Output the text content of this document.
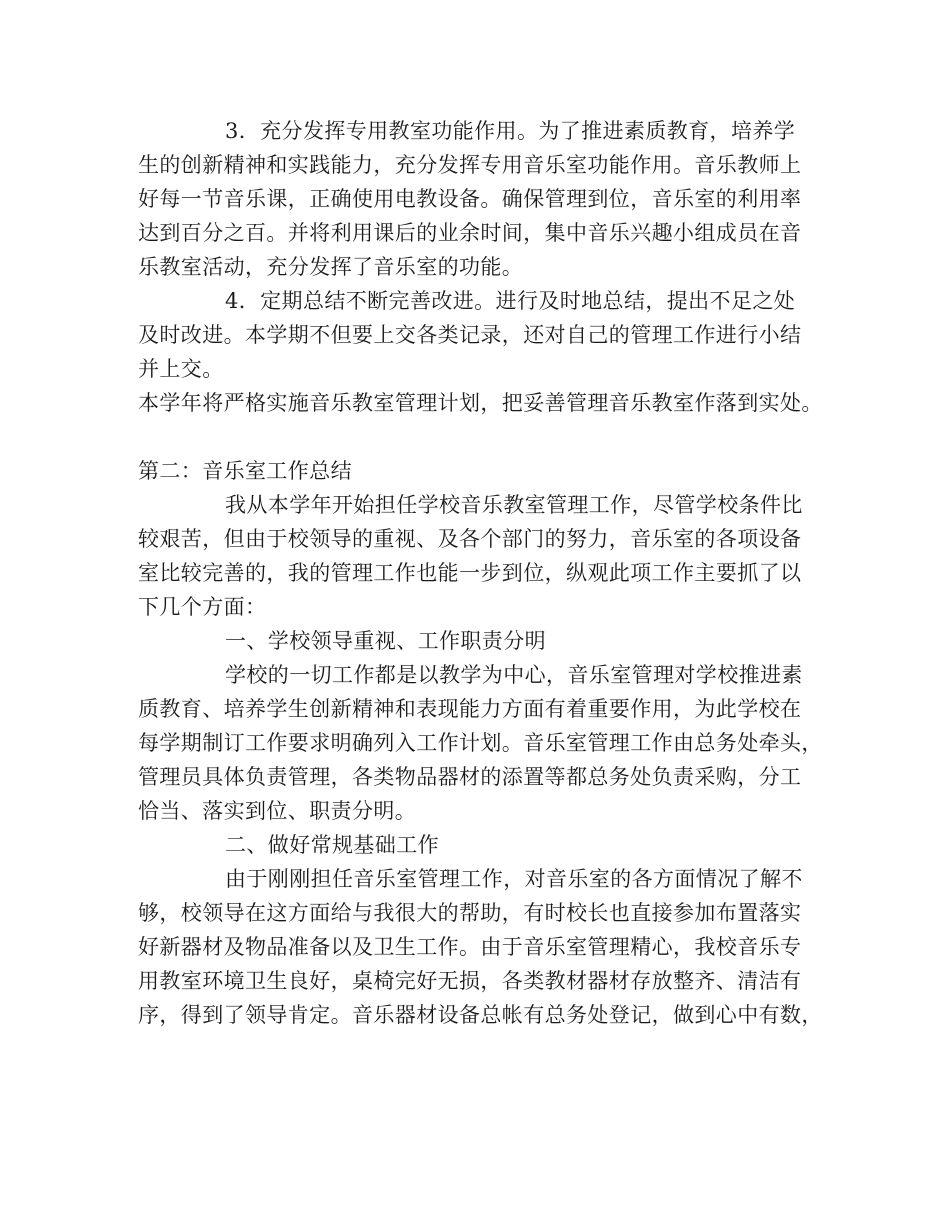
3．充分发挥专用教室功能作用。为了推进素质教育，培养学
生的创新精神和实践能力，充分发挥专用音乐室功能作用。音乐教师上
好每一节音乐课，正确使用电教设备。确保管理到位，音乐室的利用率
达到百分之百。并将利用课后的业余时间，集中音乐兴趣小组成员在音
乐教室活动，充分发挥了音乐室的功能。
4．定期总结不断完善改进。进行及时地总结，提出不足之处
及时改进。本学期不但要上交各类记录，还对自己的管理工作进行小结
并上交。
本学年将严格实施音乐教室管理计划，把妥善管理音乐教室作落到实处。
第二：音乐室工作总结
我从本学年开始担任学校音乐教室管理工作，尽管学校条件比
较艰苦，但由于校领导的重视、及各个部门的努力，音乐室的各项设备
室比较完善的，我的管理工作也能一步到位，纵观此项工作主要抓了以
下几个方面：
一、学校领导重视、工作职责分明
学校的一切工作都是以教学为中心，音乐室管理对学校推进素
质教育、培养学生创新精神和表现能力方面有着重要作用，为此学校在
每学期制订工作要求明确列入工作计划。音乐室管理工作由总务处牵头，
管理员具体负责管理，各类物品器材的添置等都总务处负责采购，分工
恰当、落实到位、职责分明。
二、做好常规基础工作
由于刚刚担任音乐室管理工作，对音乐室的各方面情况了解不
够，校领导在这方面给与我很大的帮助，有时校长也直接参加布置落实
好新器材及物品准备以及卫生工作。由于音乐室管理精心，我校音乐专
用教室环境卫生良好，桌椅完好无损，各类教材器材存放整齐、清洁有
序，得到了领导肯定。音乐器材设备总帐有总务处登记，做到心中有数，
